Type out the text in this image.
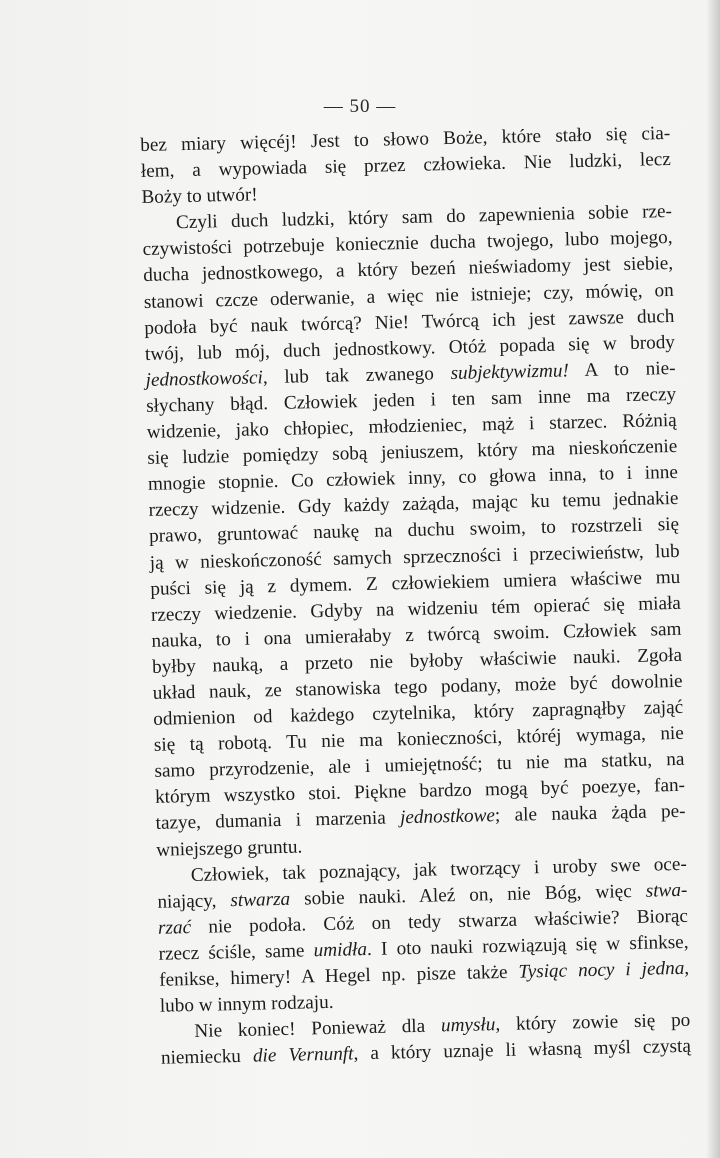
— 50 —
bez miary więcéj! Jest to słowo Boże, które stało się cia-
łem, a wypowiada się przez człowieka. Nie ludzki, lecz
Boży to utwór!
Czyli duch ludzki, który sam do zapewnienia sobie rze-
czywistości potrzebuje koniecznie ducha twojego, lubo mojego,
ducha jednostkowego, a który bezeń nieświadomy jest siebie,
stanowi czcze oderwanie, a więc nie istnieje; czy, mówię, on
podoła być nauk twórcą? Nie! Twórcą ich jest zawsze duch
twój, lub mój, duch jednostkowy. Otóż popada się w brody
jednostkowości, lub tak zwanego subjektywizmu! A to nie-
słychany błąd. Człowiek jeden i ten sam inne ma rzeczy
widzenie, jako chłopiec, młodzieniec, mąż i starzec. Różnią
się ludzie pomiędzy sobą jeniuszem, który ma nieskończenie
mnogie stopnie. Co człowiek inny, co głowa inna, to i inne
rzeczy widzenie. Gdy każdy zażąda, mając ku temu jednakie
prawo, gruntować naukę na duchu swoim, to rozstrzeli się
ją w nieskończoność samych sprzeczności i przeciwieństw, lub
puści się ją z dymem. Z człowiekiem umiera właściwe mu
rzeczy wiedzenie. Gdyby na widzeniu tém opierać się miała
nauka, to i ona umierałaby z twórcą swoim. Człowiek sam
byłby nauką, a przeto nie byłoby właściwie nauki. Zgoła
układ nauk, ze stanowiska tego podany, może być dowolnie
odmienion od każdego czytelnika, który zapragnąłby zająć
się tą robotą. Tu nie ma konieczności, któréj wymaga, nie
samo przyrodzenie, ale i umiejętność; tu nie ma statku, na
którym wszystko stoi. Piękne bardzo mogą być poezye, fan-
tazye, dumania i marzenia jednostkowe; ale nauka żąda pe-
wniejszego gruntu.
Człowiek, tak poznający, jak tworzący i uroby swe oce-
niający, stwarza sobie nauki. Aleź on, nie Bóg, więc stwa-
rzać nie podoła. Cóż on tedy stwarza właściwie? Biorąc
rzecz ściśle, same umidła. I oto nauki rozwiązują się w sfinkse,
fenikse, himery! A Hegel np. pisze także Tysiąc nocy i jedna,
lubo w innym rodzaju.
Nie koniec! Ponieważ dla umysłu, który zowie się po
niemiecku die Vernunft, a który uznaje li własną myśl czystą
